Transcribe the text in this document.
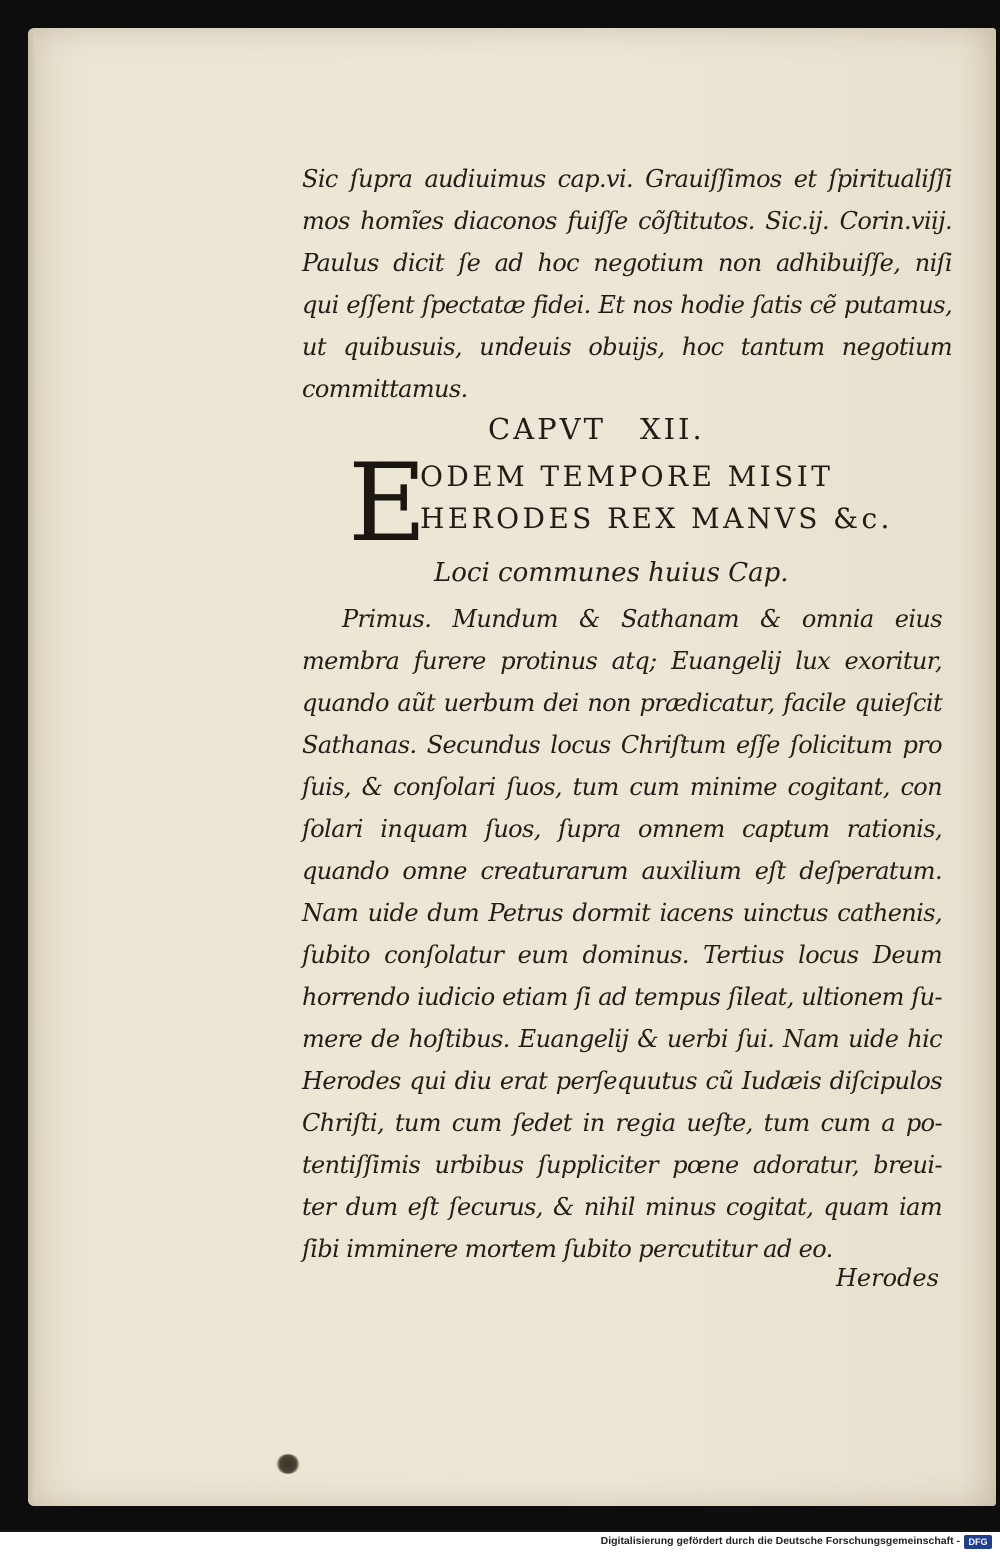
Sic ſupra audiuimus cap.vi. Grauiſſimos et ſpiritualiſſi
mos homĩes diaconos fuiſſe cõſtitutos. Sic.ij. Corin.viij.
Paulus dicit ſe ad hoc negotium non adhibuiſſe, niſi
qui eſſent ſpectatæ fidei. Et nos hodie ſatis cẽ putamus,
ut quibusuis, undeuis obuijs, hoc tantum negotium
committamus.
CAPVT XII.
E
ODEM TEMPORE MISIT
HERODES REX MANVS &c.
Loci communes huius Cap.
Primus. Mundum & Sathanam & omnia eius
membra furere protinus atq; Euangelij lux exoritur,
quando aũt uerbum dei non prædicatur, facile quieſcit
Sathanas. Secundus locus Chriſtum eſſe ſolicitum pro
ſuis, & conſolari ſuos, tum cum minime cogitant, con
ſolari inquam ſuos, ſupra omnem captum rationis,
quando omne creaturarum auxilium eſt deſperatum.
Nam uide dum Petrus dormit iacens uinctus cathenis,
ſubito conſolatur eum dominus. Tertius locus Deum
horrendo iudicio etiam ſi ad tempus ſileat, ultionem ſu-
mere de hoſtibus. Euangelij & uerbi ſui. Nam uide hic
Herodes qui diu erat perſequutus cũ Iudæis diſcipulos
Chriſti, tum cum ſedet in regia ueſte, tum cum a po-
tentiſſimis urbibus ſuppliciter pœne adoratur, breui-
ter dum eſt ſecurus, & nihil minus cogitat, quam iam
ſibi imminere mortem ſubito percutitur ad eo.
Herodes
Digitalisierung gefördert durch die Deutsche Forschungsgemeinschaft - DFG
